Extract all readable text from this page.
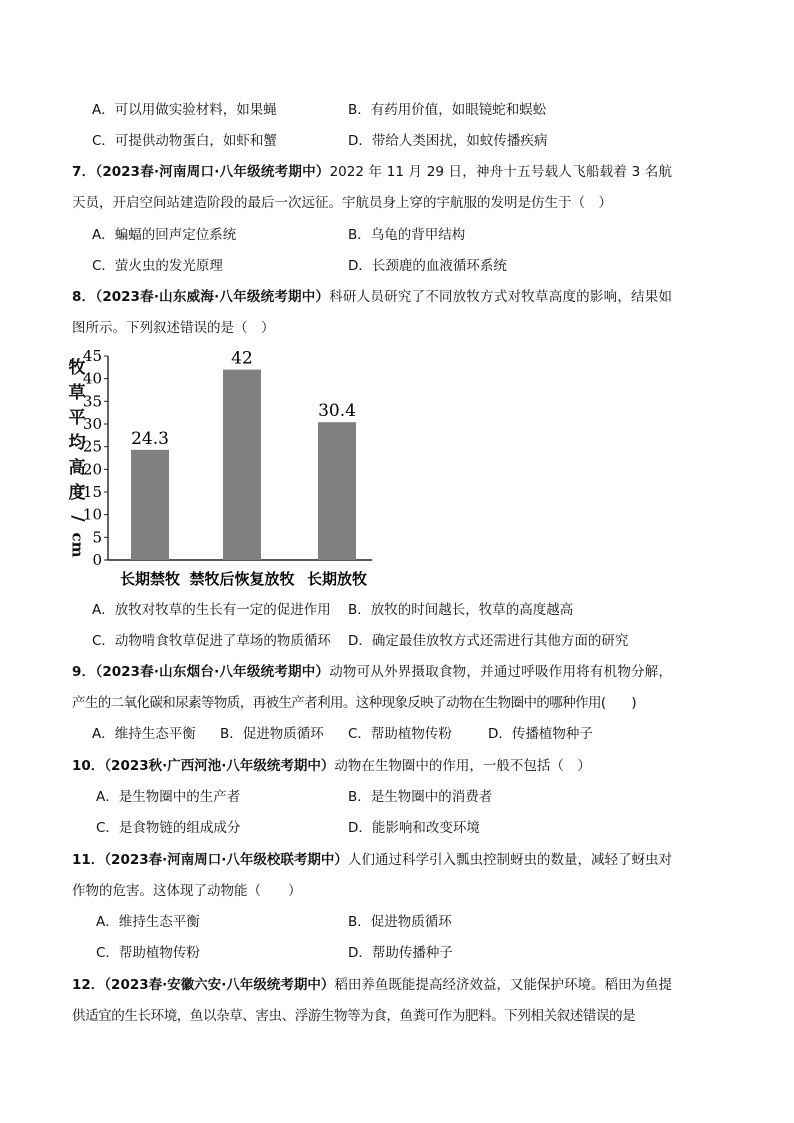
A．可以用做实验材料，如果蝇	B．有药用价值，如眼镜蛇和蜈蚣
C．可提供动物蛋白，如虾和蟹	D．带给人类困扰，如蚊传播疾病
7．（2023春·河南周口·八年级统考期中）2022 年 11 月 29 日，神舟十五号载人飞船载着 3 名航
天员，开启空间站建造阶段的最后一次远征。宇航员身上穿的宇航服的发明是仿生于（　）
A．蝙蝠的回声定位系统	B．乌龟的背甲结构
C．萤火虫的发光原理	D．长颈鹿的血液循环系统
8．（2023春·山东威海·八年级统考期中）科研人员研究了不同放牧方式对牧草高度的影响，结果如
图所示。下列叙述错误的是（　）
牧
草
平
均
高
度
/
cm
0
5
10
15
20
25
30
35
40
45
24.3
长期禁牧
42
禁牧后恢复放牧
30.4
长期放牧
A．放牧对牧草的生长有一定的促进作用 B．放牧的时间越长，牧草的高度越高
C．动物啃食牧草促进了草场的物质循环 D．确定最佳放牧方式还需进行其他方面的研究
9．（2023春·山东烟台·八年级统考期中）动物可从外界摄取食物，并通过呼吸作用将有机物分解，
产生的二氧化碳和尿素等物质，再被生产者利用。这种现象反映了动物在生物圈中的哪种作用(　　)
A．维持生态平衡 B．促进物质循环 C．帮助植物传粉	D．传播植物种子
10．（2023秋·广西河池·八年级统考期中）动物在生物圈中的作用，一般不包括（　）
A．是生物圈中的生产者	B．是生物圈中的消费者
C．是食物链的组成成分	D．能影响和改变环境
11．（2023春·河南周口·八年级校联考期中）人们通过科学引入瓢虫控制蚜虫的数量，减轻了蚜虫对
作物的危害。这体现了动物能（　　）
A．维持生态平衡	B．促进物质循环
C．帮助植物传粉	D．帮助传播种子
12．（2023春·安徽六安·八年级统考期中）稻田养鱼既能提高经济效益，又能保护环境。稻田为鱼提
供适宜的生长环境，鱼以杂草、害虫、浮游生物等为食，鱼粪可作为肥料。下列相关叙述错误的是
